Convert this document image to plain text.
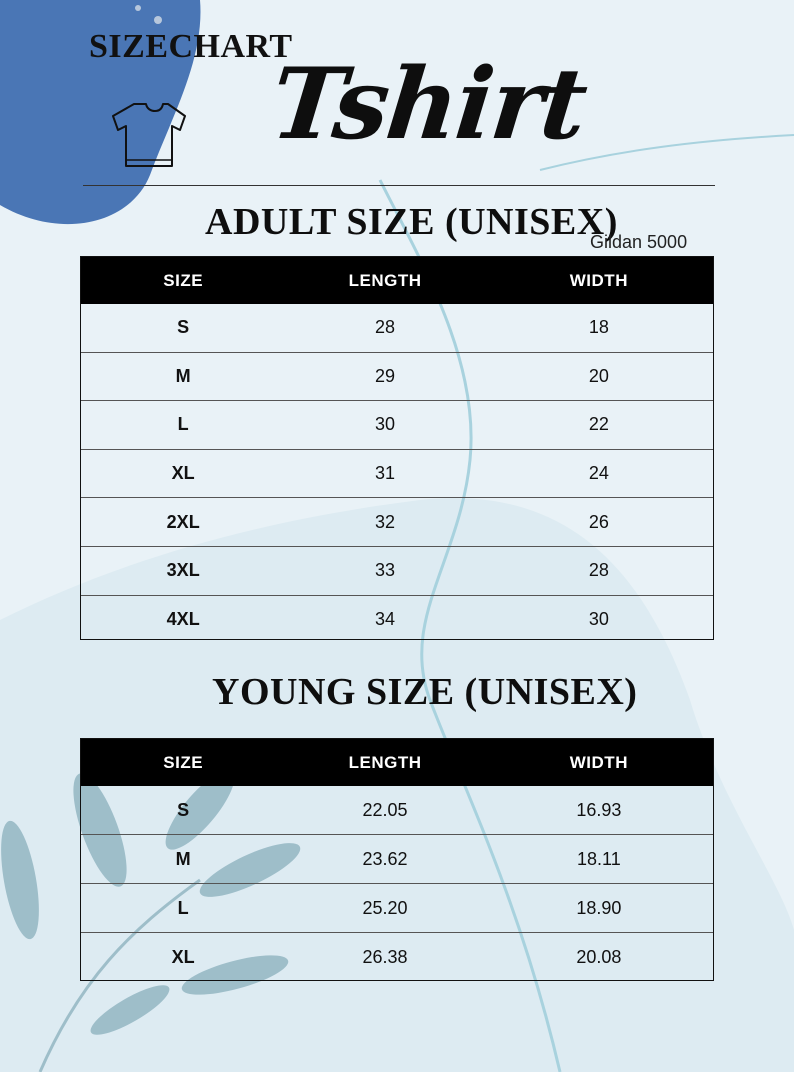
SIZECHART
Tshirt
ADULT SIZE (UNISEX)
Gildan 5000
SIZE	LENGTH	WIDTH
S	28	18
M	29	20
L	30	22
XL	31	24
2XL	32	26
3XL	33	28
4XL	34	30
YOUNG SIZE (UNISEX)
SIZE	LENGTH	WIDTH
S	22.05	16.93
M	23.62	18.11
L	25.20	18.90
XL	26.38	20.08
